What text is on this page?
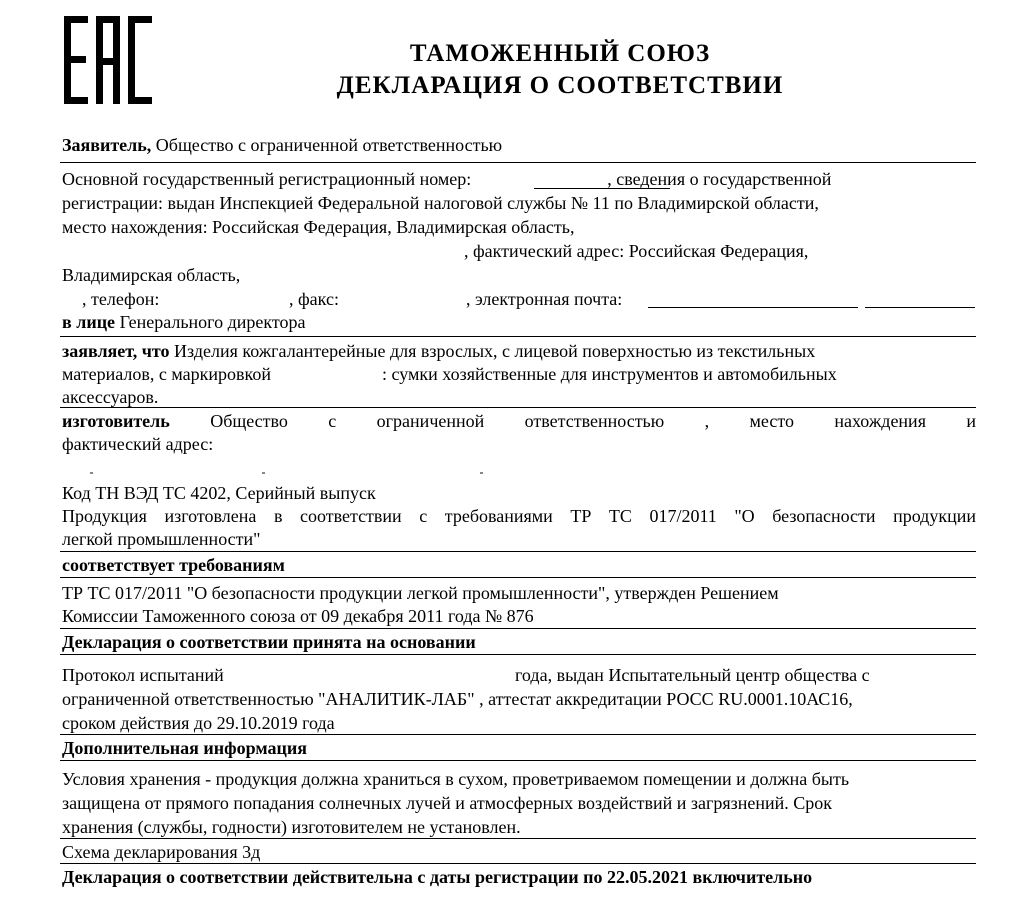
ТАМОЖЕННЫЙ СОЮЗ
ДЕКЛАРАЦИЯ О СООТВЕТСТВИИ
Заявитель, Общество с ограниченной ответственностью
Основной государственный регистрационный номер:	, сведения о государственной
регистрации: выдан Инспекцией Федеральной налоговой службы № 11 по Владимирской области,
место нахождения: Российская Федерация, Владимирская область,
, фактический адрес: Российская Федерация,
Владимирская область,
, телефон:	, факс:	, электронная почта:
в лице Генерального директора
заявляет, что Изделия кожгалантерейные для взрослых, с лицевой поверхностью из текстильных
материалов, с маркировкой	: сумки хозяйственные для инструментов и автомобильных
аксессуаров.
изготовитель Общество с ограниченной ответственностью , место нахождения и
фактический адрес:
Код ТН ВЭД ТС 4202, Серийный выпуск
Продукция изготовлена в соответствии с требованиями ТР ТС 017/2011 "О безопасности продукции
легкой промышленности"
соответствует требованиям
ТР ТС 017/2011 "О безопасности продукции легкой промышленности", утвержден Решением
Комиссии Таможенного союза от 09 декабря 2011 года № 876
Декларация о соответствии принята на основании
Протокол испытаний	года, выдан Испытательный центр общества с
ограниченной ответственностью "АНАЛИТИК-ЛАБ" , аттестат аккредитации РОСС RU.0001.10АС16,
сроком действия до 29.10.2019 года
Дополнительная информация
Условия хранения - продукция должна храниться в сухом, проветриваемом помещении и должна быть
защищена от прямого попадания солнечных лучей и атмосферных воздействий и загрязнений. Срок
хранения (службы, годности) изготовителем не установлен.
Схема декларирования 3д
Декларация о соответствии действительна с даты регистрации по 22.05.2021 включительно
